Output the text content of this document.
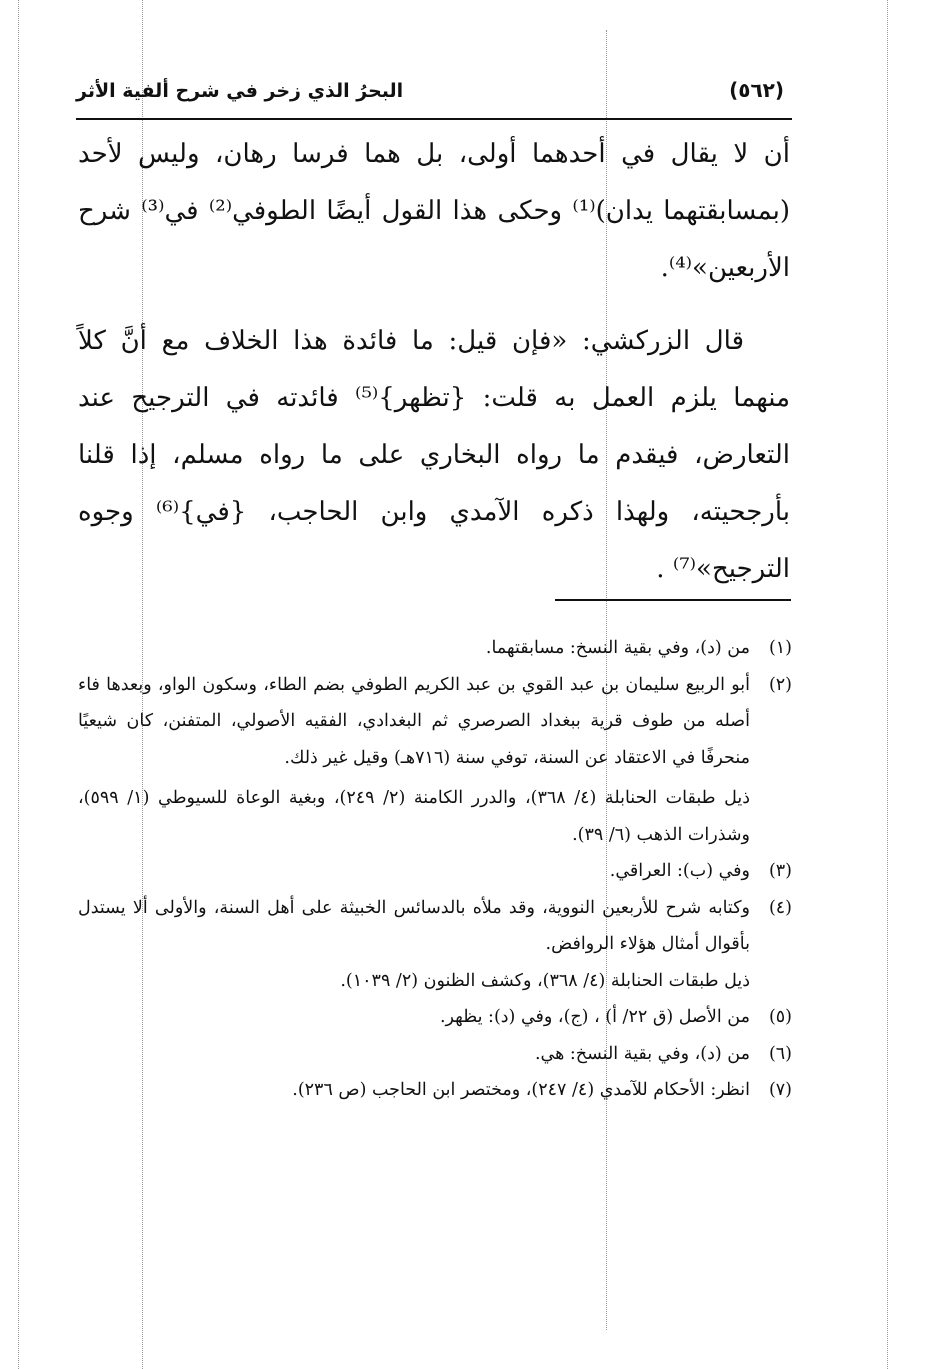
(٥٦٢)
البحرُ الذي زخر في شرح ألفية الأثر

أن لا يقال في أحدهما أولى، بل هما فرسا رهان، وليس لأحد (بمسابقتهما يدان)⁽¹⁾ وحكى هذا القول أيضًا الطوفي⁽²⁾ في⁽³⁾ شرح الأربعين»⁽⁴⁾.

قال الزركشي: «فإن قيل: ما فائدة هذا الخلاف مع أنَّ كلاً منهما يلزم العمل به قلت: {تظهر}⁽⁵⁾ فائدته في الترجيح عند التعارض، فيقدم ما رواه البخاري على ما رواه مسلم، إذا قلنا بأرجحيته، ولهذا ذكره الآمدي وابن الحاجب، {في}⁽⁶⁾ وجوه الترجيح»⁽⁷⁾ .

(١)
من (د)، وفي بقية النسخ: مسابقتهما.
(٢)
أبو الربيع سليمان بن عبد القوي بن عبد الكريم الطوفي بضم الطاء، وسكون الواو، وبعدها فاء أصله من طوف قرية ببغداد الصرصري ثم البغدادي، الفقيه الأصولي، المتفنن، كان شيعيًا منحرفًا في الاعتقاد عن السنة، توفي سنة (٧١٦هـ) وقيل غير ذلك.
ذيل طبقات الحنابلة (٤/ ٣٦٨)، والدرر الكامنة (٢/ ٢٤٩)، وبغية الوعاة للسيوطي (١/ ٥٩٩)، وشذرات الذهب (٦/ ٣٩).
(٣)
وفي (ب): العراقي.
(٤)
وكتابه شرح للأربعين النووية، وقد ملأه بالدسائس الخبيثة على أهل السنة، والأولى ألا يستدل بأقوال أمثال هؤلاء الروافض.
ذيل طبقات الحنابلة (٤/ ٣٦٨)، وكشف الظنون (٢/ ١٠٣٩).
(٥)
من الأصل (ق ٢٢/ أ) ، (ج)، وفي (د): يظهر.
(٦)
من (د)، وفي بقية النسخ: هي.
(٧)
انظر: الأحكام للآمدي (٤/ ٢٤٧)، ومختصر ابن الحاجب (ص ٢٣٦).
